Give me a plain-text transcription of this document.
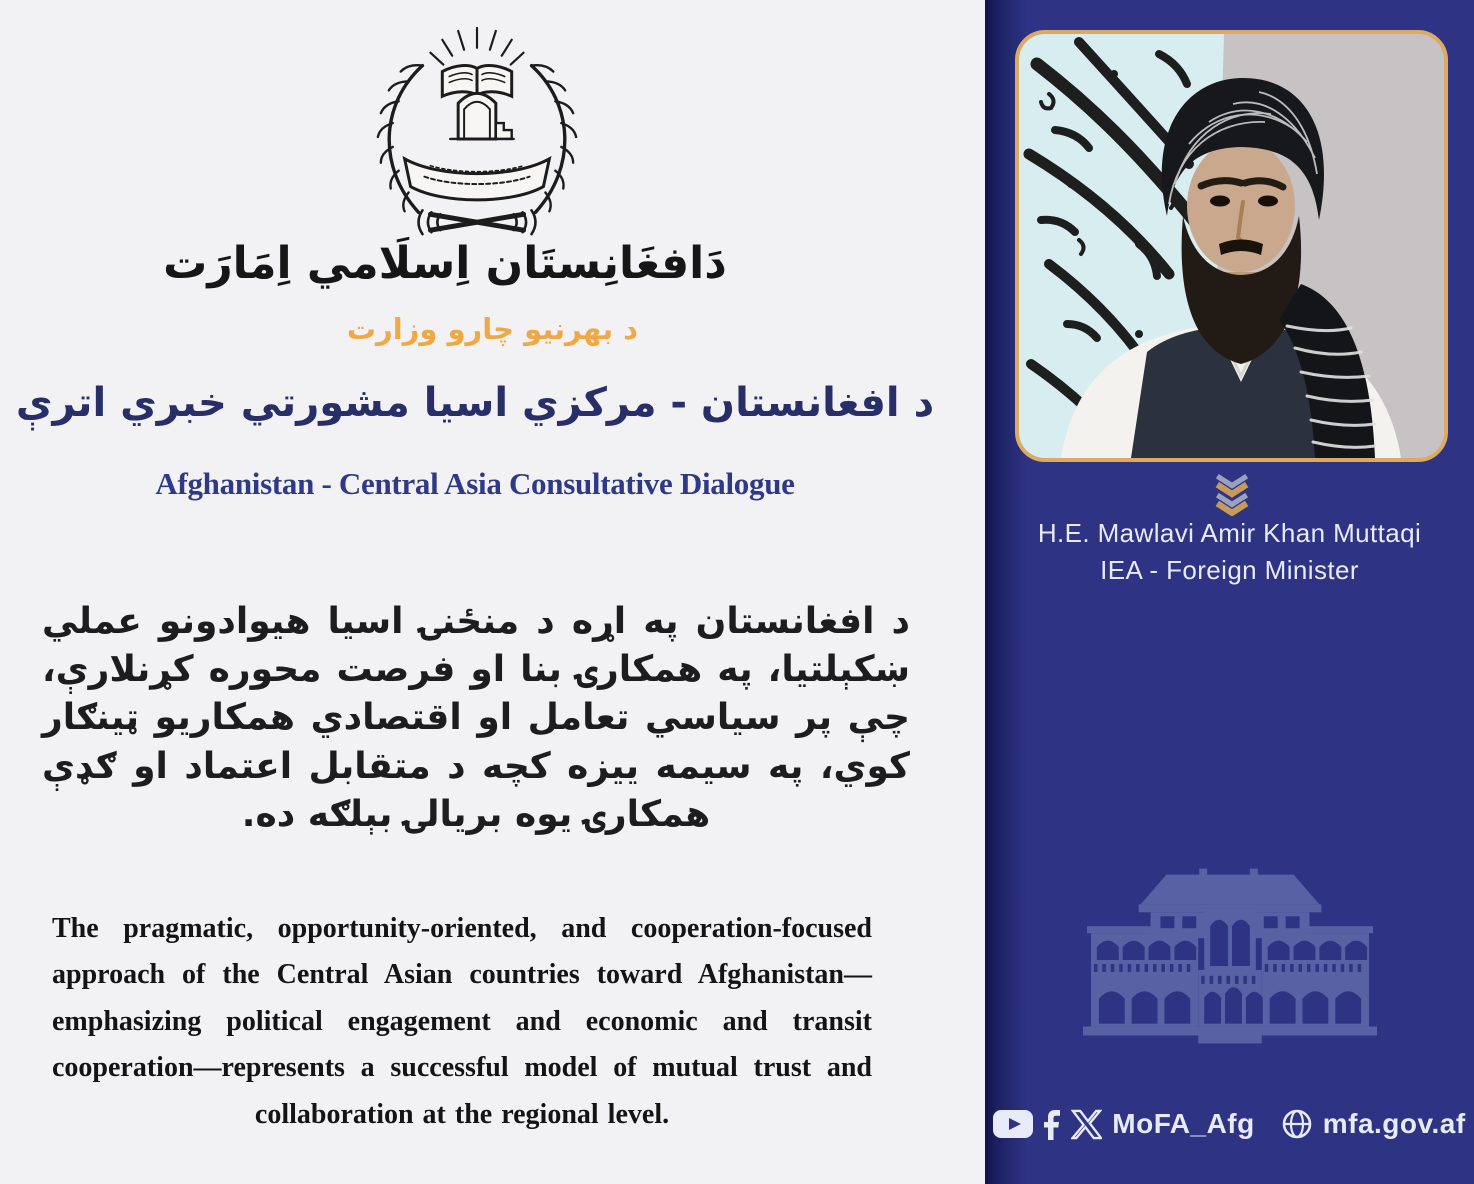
دَافغَانِستَان اِسلَامي اِمَارَت
د بهرنیو چارو وزارت
د افغانستان - مرکزي اسیا مشورتي خبري اترې
Afghanistan - Central Asia Consultative Dialogue

د افغانستان په اړه د منځنۍ اسیا هیوادونو عملي ښکېلتیا، په همکارۍ بنا او فرصت محوره کړنلارې، چې پر سیاسي تعامل او اقتصادي همکاریو ټینګار کوي، په سیمه ییزه کچه د متقابل اعتماد او ګډې همکارۍ یوه بریالۍ بېلګه ده.

The pragmatic, opportunity-oriented, and cooperation-focused approach of the Central Asian countries toward Afghanistan—emphasizing political engagement and economic and transit cooperation—represents a successful model of mutual trust and collaboration at the regional level.

H.E. Mawlavi Amir Khan Muttaqi
IEA - Foreign Minister
MoFA_Afg mfa.gov.af
